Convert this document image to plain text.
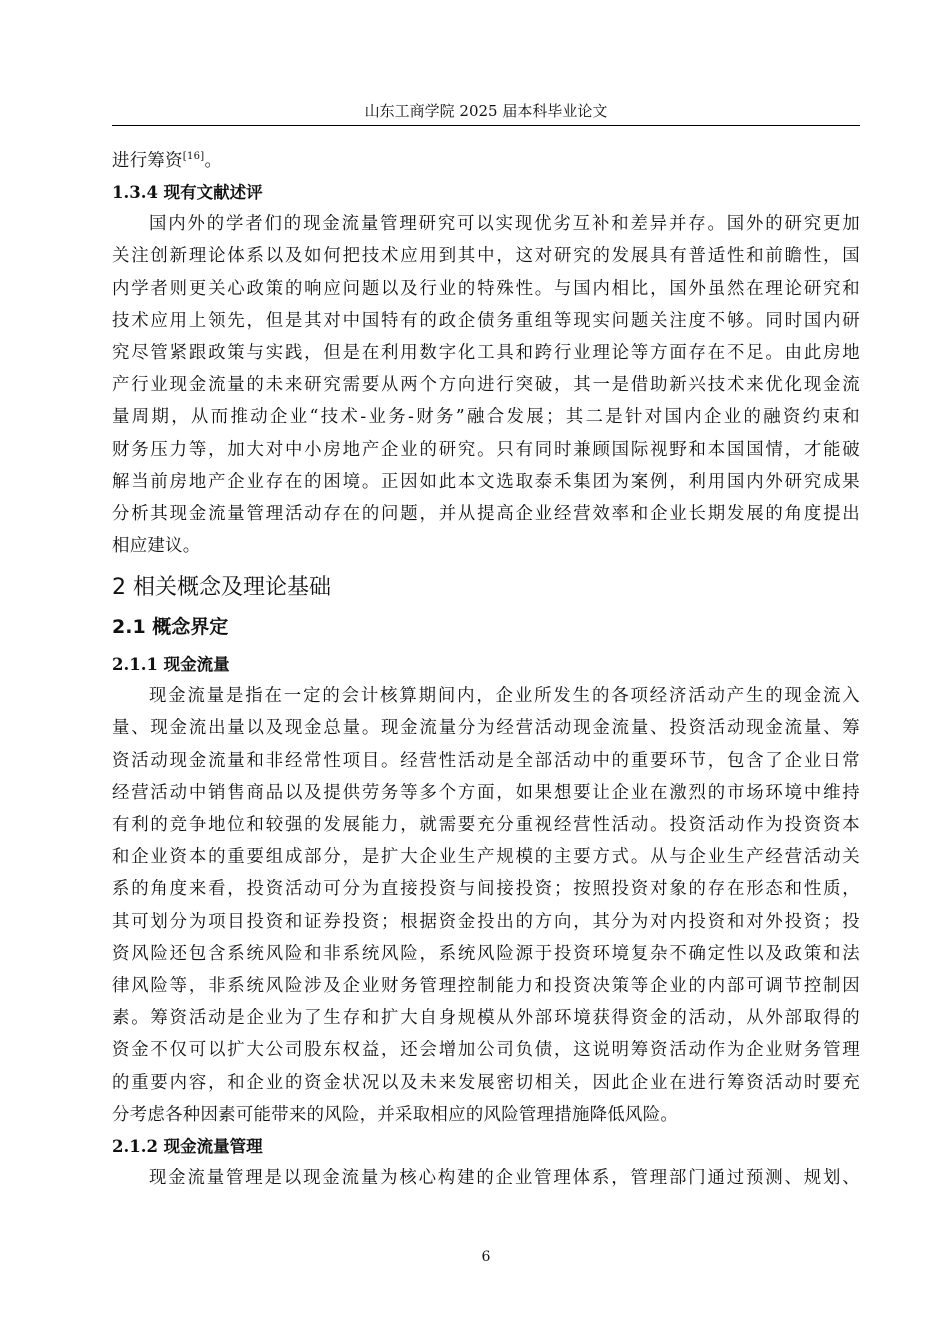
山东工商学院 2025 届本科毕业论文
进行筹资[16]。
1.3.4 现有文献述评
国内外的学者们的现金流量管理研究可以实现优劣互补和差异并存。国外的研究更加
关注创新理论体系以及如何把技术应用到其中，这对研究的发展具有普适性和前瞻性，国
内学者则更关心政策的响应问题以及行业的特殊性。与国内相比，国外虽然在理论研究和
技术应用上领先，但是其对中国特有的政企债务重组等现实问题关注度不够。同时国内研
究尽管紧跟政策与实践，但是在利用数字化工具和跨行业理论等方面存在不足。由此房地
产行业现金流量的未来研究需要从两个方向进行突破，其一是借助新兴技术来优化现金流
量周期，从而推动企业“技术-业务-财务”融合发展；其二是针对国内企业的融资约束和
财务压力等，加大对中小房地产企业的研究。只有同时兼顾国际视野和本国国情，才能破
解当前房地产企业存在的困境。正因如此本文选取泰禾集团为案例，利用国内外研究成果
分析其现金流量管理活动存在的问题，并从提高企业经营效率和企业长期发展的角度提出
相应建议。
2 相关概念及理论基础
2.1 概念界定
2.1.1 现金流量
现金流量是指在一定的会计核算期间内，企业所发生的各项经济活动产生的现金流入
量、现金流出量以及现金总量。现金流量分为经营活动现金流量、投资活动现金流量、筹
资活动现金流量和非经常性项目。经营性活动是全部活动中的重要环节，包含了企业日常
经营活动中销售商品以及提供劳务等多个方面，如果想要让企业在激烈的市场环境中维持
有利的竞争地位和较强的发展能力，就需要充分重视经营性活动。投资活动作为投资资本
和企业资本的重要组成部分，是扩大企业生产规模的主要方式。从与企业生产经营活动关
系的角度来看，投资活动可分为直接投资与间接投资；按照投资对象的存在形态和性质，
其可划分为项目投资和证券投资；根据资金投出的方向，其分为对内投资和对外投资；投
资风险还包含系统风险和非系统风险，系统风险源于投资环境复杂不确定性以及政策和法
律风险等，非系统风险涉及企业财务管理控制能力和投资决策等企业的内部可调节控制因
素。筹资活动是企业为了生存和扩大自身规模从外部环境获得资金的活动，从外部取得的
资金不仅可以扩大公司股东权益，还会增加公司负债，这说明筹资活动作为企业财务管理
的重要内容，和企业的资金状况以及未来发展密切相关，因此企业在进行筹资活动时要充
分考虑各种因素可能带来的风险，并采取相应的风险管理措施降低风险。
2.1.2 现金流量管理
现金流量管理是以现金流量为核心构建的企业管理体系，管理部门通过预测、规划、
6
